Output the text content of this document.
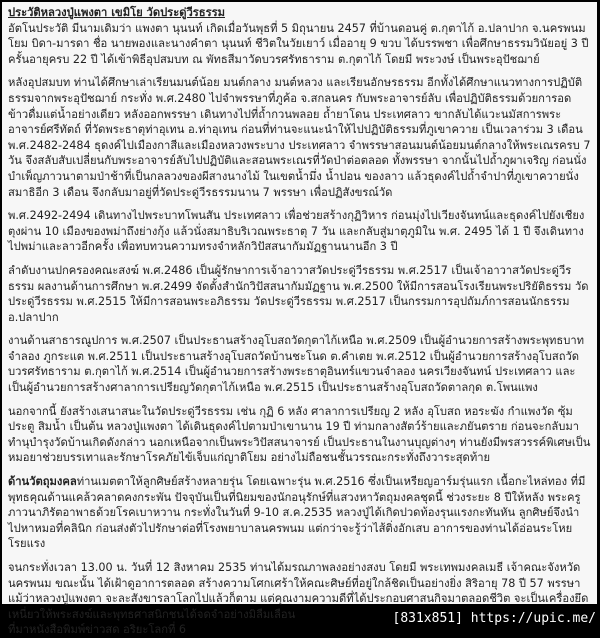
ประวัติหลวงปู่แพงตา เขมิโย วัดประดู่วีรธรรม

อัตโนประวัติ มีนามเดิมว่า แพงตา นุนนท์ เกิดเมื่อวันพุธที่ 5 มิถุนายน 2457 ที่บ้านดอนคู่ ต.กุตาไก้ อ.ปลาปาก จ.นครพนม โยม บิดา-มารดา ชื่อ นายพองและนางคำตา นุนนท์ ชีวิตในวัยเยาว์ เมื่ออายุ 9 ขวบ ได้บรรพชา เพื่อศึกษาธรรมวินัยอยู่ 3 ปี ครั้นอายุครบ 22 ปี ได้เข้าพิธีอุปสมบท ณ พัทธสีมาวัดบวรศรัทธาราม ต.กุตาไก้ โดยมี พระวงษ์ เป็นพระอุปัชฌาย์

หลังอุปสมบท ท่านได้ศึกษาเล่าเรียนมนต์น้อย มนต์กลาง มนต์หลวง และเรียนอักษรธรรม อีกทั้งได้ศึกษาแนวทางการปฏิบัติธรรมจากพระอุปัชฌาย์ กระทั่ง พ.ศ.2480 ไปจำพรรษาที่ภูค้อ จ.สกลนคร กับพระอาจารย์ลับ เพื่อปฏิบัติธรรมด้วยการอดข้าวดื่มแต่น้ำอย่างเดียว หลังออกพรรษา เดินทางไปที่ถ้ำกวนพลอย ถ้ำยาโดน ประเทศลาว ขากลับได้แวะนมัสการพระอาจารย์ศรีทัตถ์ ที่วัดพระธาตุท่าอุเทน อ.ท่าอุเทน ก่อนที่ท่านจะแนะนำให้ไปปฏิบัติธรรมที่ภูเขาควาย เป็นเวลาร่วม 3 เดือน พ.ศ.2482-2484 ธุดงค์ไปเมืองกาสีและเมืองหลวงพระบาง ประเทศลาว จำพรรษาสอนมนต์น้อยมนต์กลางให้พระเณรครบ 7 วัน จึงสลับสับเปลี่ยนกับพระอาจารย์ลับไปปฏิบัติและสอนพระเณรที่วัดป่าต่อตลอด ทั้งพรรษา จากนั้นไปถ้ำภูผาเจริญ ก่อนนั่งบำเพ็ญภาวนาตามป่าช้าที่เป็นกลลวงของผีสางนางไม้ ในเขตน้ำมึ่ง น้ำปอน ของลาว แล้วธุดงค์ไปถ้ำจำปาที่ภูเขาควายนั่งสมาธิอีก 3 เดือน จึงกลับมาอยู่ที่วัดประดู่วีรธรรมนาน 7 พรรษา เพื่อปฏิสังขรณ์วัด

พ.ศ.2492-2494 เดินทางไปพระบาทโพนสัน ประเทศลาว เพื่อช่วยสร้างกุฏิวิหาร ก่อนมุ่งไปเวียงจันทน์และธุดงค์ไปยังเชียงตุงผ่าน 10 เมืองของพม่าถึงย่างกุ้ง แล้วนั่งสมาธิบริเวณพระธาตุ 7 วัน และกลับสู่มาตุภูมิใน พ.ศ. 2495 ได้ 1 ปี จึงเดินทางไปพม่าและลาวอีกครั้ง เพื่อทบทวนความทรงจำหลักวิปัสสนากัมมัฏฐานนานอีก 3 ปี

ลำดับงานปกครองคณะสงฆ์ พ.ศ.2486 เป็นผู้รักษาการเจ้าอาวาสวัดประดู่วีรธรรม พ.ศ.2517 เป็นเจ้าอาวาสวัดประดู่วีรธรรม ผลงานด้านการศึกษา พ.ศ.2499 จัดตั้งสำนักวิปัสสนากัมมัฏฐาน พ.ศ.2500 ให้มีการสอนโรงเรียนพระปริยัติธรรม วัดประดู่วีรธรรม พ.ศ.2515 ให้มีการสอนพระอภิธรรม วัดประดู่วีรธรรม พ.ศ.2517 เป็นกรรมการอุปถัมภ์การสอนนักธรรม อ.ปลาปาก

งานด้านสาธารณูปการ พ.ศ.2507 เป็นประธานสร้างอุโบสถวัดกุตาไก้เหนือ พ.ศ.2509 เป็นผู้อำนวยการสร้างพระพุทธบาทจำลอง ภูกระแต พ.ศ.2511 เป็นประธานสร้างอุโบสถวัดบ้านชะโนด ต.คำเตย พ.ศ.2512 เป็นผู้อำนวยการสร้างอุโบสถวัดบวรศรัทธาราม ต.กุตาไก้ พ.ศ.2514 เป็นผู้อำนวยการสร้างพระธาตุอินทร์แขวนจำลอง นครเวียงจันทน์ ประเทศลาว และเป็นผู้อำนวยการสร้างศาลาการเปรียญวัดกุตาไก้เหนือ พ.ศ.2515 เป็นประธานสร้างอุโบสถวัดตาลกุด ต.โพนแพง

นอกจากนี้ ยังสร้างเสนาสนะในวัดประดู่วีรธรรม เช่น กุฏิ 6 หลัง ศาลาการเปรียญ 2 หลัง อุโบสถ หอระฆัง กำแพงวัด ซุ้มประตู สิมน้ำ เป็นต้น หลวงปู่แพงตา ได้เดินธุดงค์ไปตามป่าเขานาน 19 ปี ท่ามกลางสัตว์ร้ายและภยันตราย ก่อนจะกลับมาทำนุบำรุงวัดบ้านเกิดดังกล่าว นอกเหนือจากเป็นพระวิปัสสนาจารย์ เป็นประธานในงานบุญต่างๆ ท่านยังมีพรสวรรค์พิเศษเป็นหมอยาช่วยบรรเทาและรักษาโรคภัยไข้เจ็บแก่ญาติโยม อย่างไม่ถือชนชั้นวรรณะกระทั่งถึงวาระสุดท้าย

ด้านวัตถุมงคลท่านเมตตาให้ลูกศิษย์สร้างหลายรุ่น โดยเฉพาะรุ่น พ.ศ.2516 ซึ่งเป็นเหรียญอาร์มรุ่นแรก เนื้อกะไหล่ทอง ที่มีพุทธคุณด้านแคล้วคลาดคงกระพัน ปัจจุบันเป็นที่นิยมของนักอนุรักษ์ที่แสวงหาวัตถุมงคลชุดนี้ ช่วงระยะ 8 ปีให้หลัง พระครูภาวนาภิรัตอาพาธด้วยโรคเบาหวาน กระทั่งในวันที่ 9-10 ส.ค.2535 หลวงปู่ได้เกิดปวดท้องรุนแรงกะทันหัน ลูกศิษย์จึงนำไปหาหมอที่คลินิก ก่อนส่งตัวไปรักษาต่อที่โรงพยาบาลนครพนม แต่กว่าจะรู้ว่าไส้ติ่งอักเสบ อาการของท่านได้อ่อนระโหย โรยแรง

จนกระทั่งเวลา 13.00 น. วันที่ 12 สิงหาคม 2535 ท่านได้มรณภาพลงอย่างสงบ โดยมี พระเทพมงคลเมธี เจ้าคณะจังหวัดนครพนม ขณะนั้น ได้เฝ้าดูอาการตลอด สร้างความโศกเศร้าให้คณะศิษย์ที่อยู่ใกล้ชิดเป็นอย่างยิ่ง สิริอายุ 78 ปี 57 พรรษา แม้ว่าหลวงปู่แพงตา จะละสังขารลาโลกไปแล้วก็ตาม แต่คุณงามความดีที่ได้ประกอบศาสนกิจมาตลอดชีวิต จะเป็นเครื่องยึดเหนี่ยวให้พระสงฆ์และพุทธศาสนิกชนได้จดจำอย่างมิลืมเลือน
ที่มาหนังสือพิมพ์ข่าวสด อริยะโลกที่ 6
[831x851] https://upic.me/
